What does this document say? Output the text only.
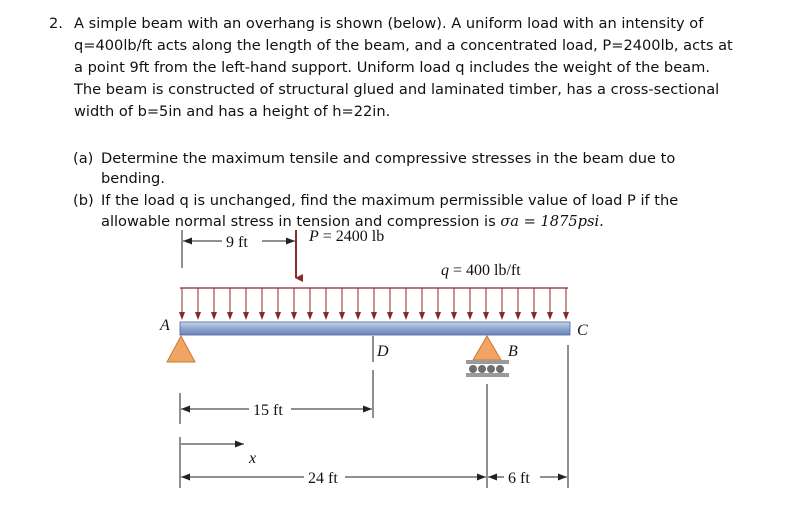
2. A simple beam with an overhang is shown (below). A uniform load with an intensity of
q=400lb/ft acts along the length of the beam, and a concentrated load, P=2400lb, acts at
a point 9ft from the left-hand support. Uniform load q includes the weight of the beam.
The beam is constructed of structural glued and laminated timber, has a cross-sectional
width of b=5in and has a height of h=22in.
(a) Determine the maximum tensile and compressive stresses in the beam due to
bending.
(b) If the load q is unchanged, find the maximum permissible value of load P if the
allowable normal stress in tension and compression is σa = 1875psi.
9 ft	P = 2400 lb
q = 400 lb/ft
A	C
D	B
15 ft
x
24 ft	6 ft
